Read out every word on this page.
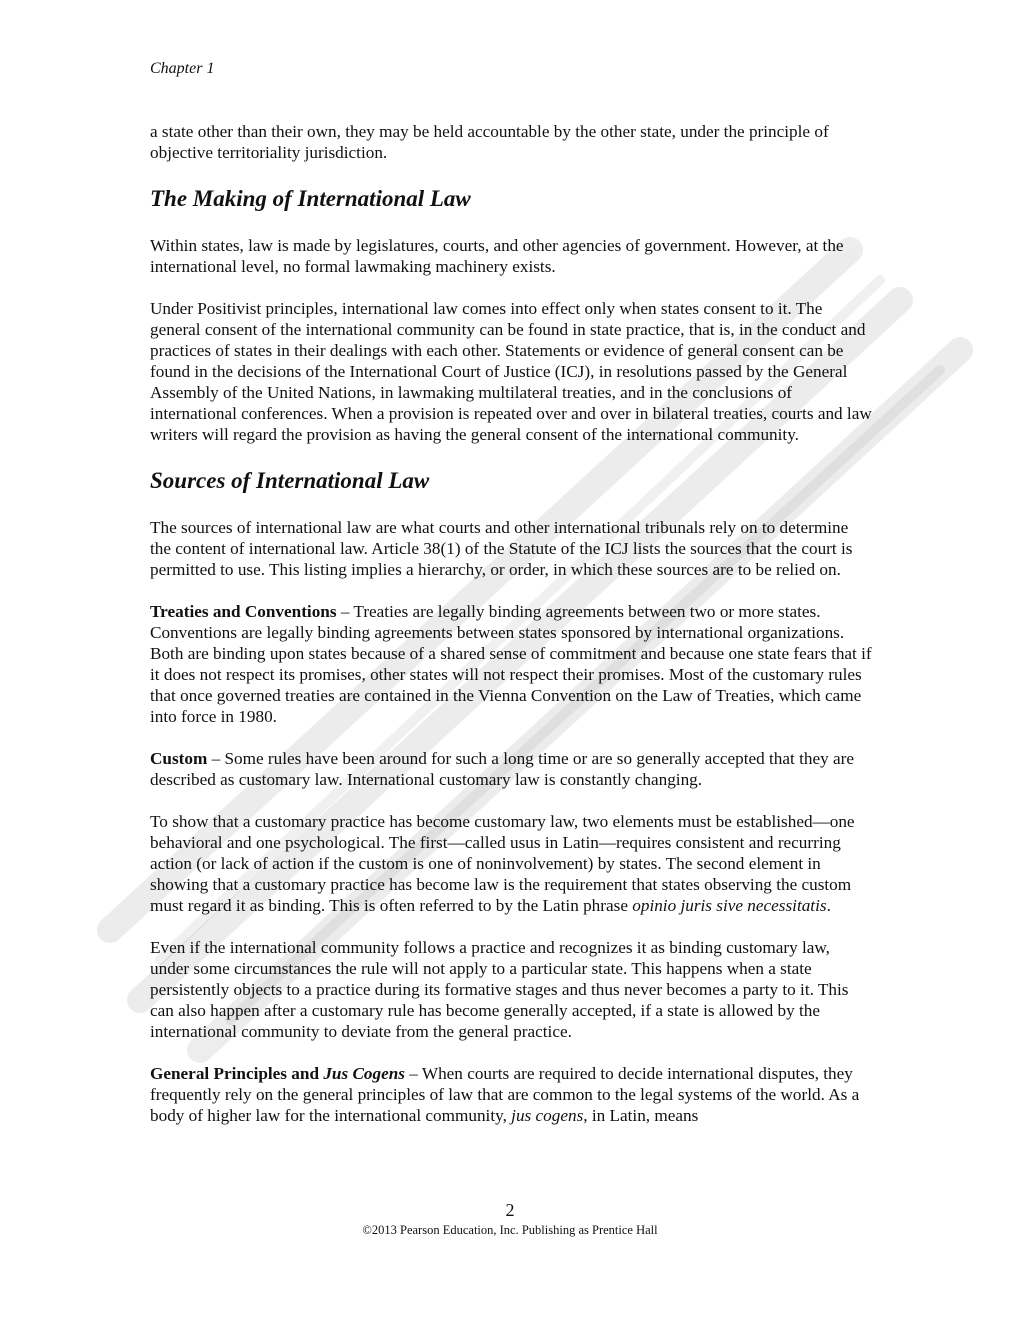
Chapter 1

a state other than their own, they may be held accountable by the other state, under the principle of objective territoriality jurisdiction.

The Making of International Law

Within states, law is made by legislatures, courts, and other agencies of government. However, at the international level, no formal lawmaking machinery exists.

Under Positivist principles, international law comes into effect only when states consent to it. The general consent of the international community can be found in state practice, that is, in the conduct and practices of states in their dealings with each other. Statements or evidence of general consent can be found in the decisions of the International Court of Justice (ICJ), in resolutions passed by the General Assembly of the United Nations, in lawmaking multilateral treaties, and in the conclusions of international conferences. When a provision is repeated over and over in bilateral treaties, courts and law writers will regard the provision as having the general consent of the international community.

Sources of International Law

The sources of international law are what courts and other international tribunals rely on to determine the content of international law. Article 38(1) of the Statute of the ICJ lists the sources that the court is permitted to use. This listing implies a hierarchy, or order, in which these sources are to be relied on.

Treaties and Conventions – Treaties are legally binding agreements between two or more states. Conventions are legally binding agreements between states sponsored by international organizations. Both are binding upon states because of a shared sense of commitment and because one state fears that if it does not respect its promises, other states will not respect their promises. Most of the customary rules that once governed treaties are contained in the Vienna Convention on the Law of Treaties, which came into force in 1980.

Custom – Some rules have been around for such a long time or are so generally accepted that they are described as customary law. International customary law is constantly changing.

To show that a customary practice has become customary law, two elements must be established—one behavioral and one psychological. The first—called usus in Latin—requires consistent and recurring action (or lack of action if the custom is one of noninvolvement) by states. The second element in showing that a customary practice has become law is the requirement that states observing the custom must regard it as binding. This is often referred to by the Latin phrase opinio juris sive necessitatis.

Even if the international community follows a practice and recognizes it as binding customary law, under some circumstances the rule will not apply to a particular state. This happens when a state persistently objects to a practice during its formative stages and thus never becomes a party to it. This can also happen after a customary rule has become generally accepted, if a state is allowed by the international community to deviate from the general practice.

General Principles and Jus Cogens – When courts are required to decide international disputes, they frequently rely on the general principles of law that are common to the legal systems of the world. As a body of higher law for the international community, jus cogens, in Latin, means

2
©2013 Pearson Education, Inc. Publishing as Prentice Hall
